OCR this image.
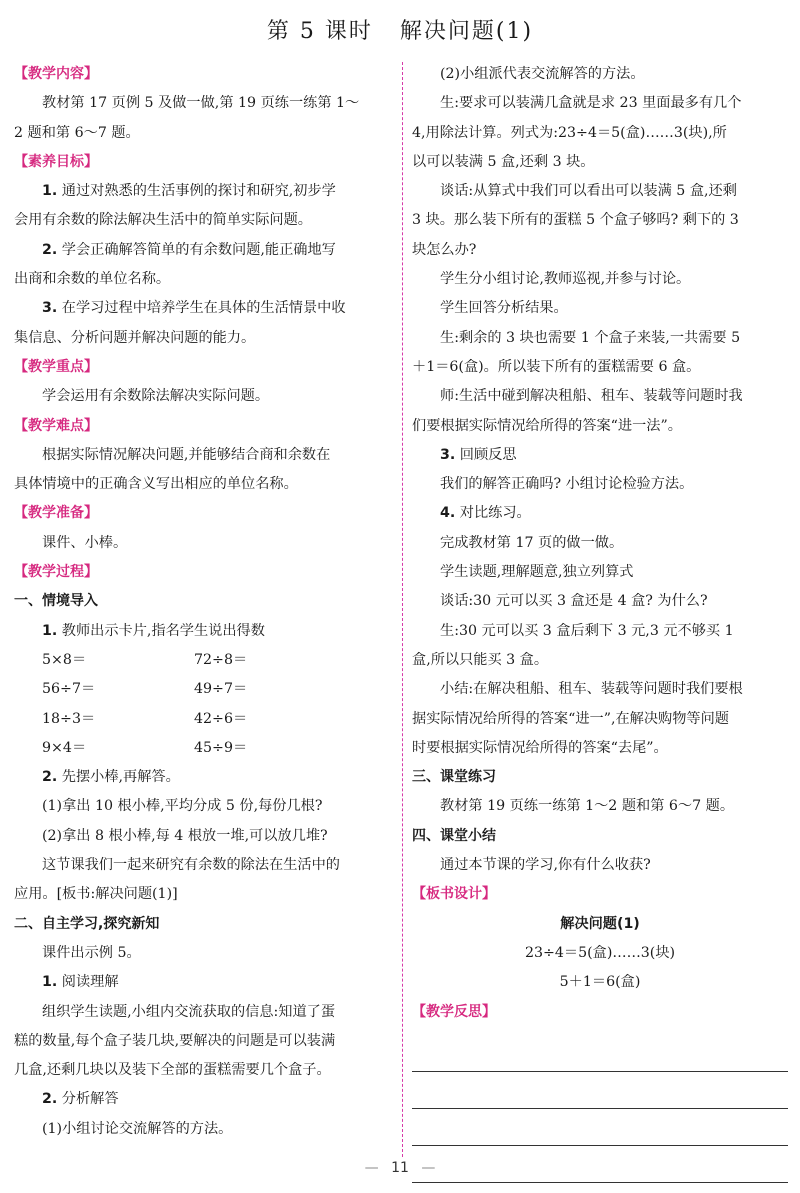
第 5 课时   解决问题(1)
【教学内容】
教材第 17 页例 5 及做一做,第 19 页练一练第 1～
2 题和第 6～7 题。
【素养目标】
1. 通过对熟悉的生活事例的探讨和研究,初步学
会用有余数的除法解决生活中的简单实际问题。
2. 学会正确解答简单的有余数问题,能正确地写
出商和余数的单位名称。
3. 在学习过程中培养学生在具体的生活情景中收
集信息、分析问题并解决问题的能力。
【教学重点】
学会运用有余数除法解决实际问题。
【教学难点】
根据实际情况解决问题,并能够结合商和余数在
具体情境中的正确含义写出相应的单位名称。
【教学准备】
课件、小棒。
【教学过程】
一、情境导入
1. 教师出示卡片,指名学生说出得数
5×8＝	72÷8＝
56÷7＝	49÷7＝
18÷3＝	42÷6＝
9×4＝	45÷9＝
2. 先摆小棒,再解答。
(1)拿出 10 根小棒,平均分成 5 份,每份几根?
(2)拿出 8 根小棒,每 4 根放一堆,可以放几堆?
这节课我们一起来研究有余数的除法在生活中的
应用。[板书:解决问题(1)]
二、自主学习,探究新知
课件出示例 5。
1. 阅读理解
组织学生读题,小组内交流获取的信息:知道了蛋
糕的数量,每个盒子装几块,要解决的问题是可以装满
几盒,还剩几块以及装下全部的蛋糕需要几个盒子。
2. 分析解答
(1)小组讨论交流解答的方法。
(2)小组派代表交流解答的方法。
生:要求可以装满几盒就是求 23 里面最多有几个
4,用除法计算。列式为:23÷4＝5(盒)……3(块),所
以可以装满 5 盒,还剩 3 块。
谈话:从算式中我们可以看出可以装满 5 盒,还剩
3 块。那么装下所有的蛋糕 5 个盒子够吗? 剩下的 3
块怎么办?
学生分小组讨论,教师巡视,并参与讨论。
学生回答分析结果。
生:剩余的 3 块也需要 1 个盒子来装,一共需要 5
＋1＝6(盒)。所以装下所有的蛋糕需要 6 盒。
师:生活中碰到解决租船、租车、装载等问题时我
们要根据实际情况给所得的答案“进一法”。
3. 回顾反思
我们的解答正确吗? 小组讨论检验方法。
4. 对比练习。
完成教材第 17 页的做一做。
学生读题,理解题意,独立列算式
谈话:30 元可以买 3 盒还是 4 盒? 为什么?
生:30 元可以买 3 盒后剩下 3 元,3 元不够买 1
盒,所以只能买 3 盒。
小结:在解决租船、租车、装载等问题时我们要根
据实际情况给所得的答案“进一”,在解决购物等问题
时要根据实际情况给所得的答案“去尾”。
三、课堂练习
教材第 19 页练一练第 1～2 题和第 6～7 题。
四、课堂小结
通过本节课的学习,你有什么收获?
【板书设计】
解决问题(1)
23÷4＝5(盒)……3(块)
5＋1＝6(盒)
【教学反思】
— 11 —
